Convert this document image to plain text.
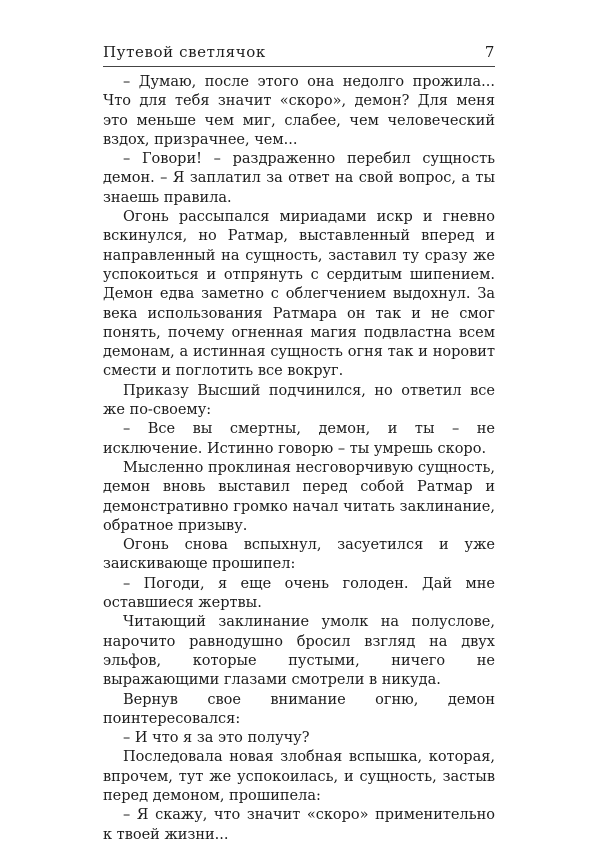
Путевой светлячок	7

– Думаю, после этого она недолго прожила... Что для тебя значит «скоро», демон? Для меня это меньше чем миг, слабее, чем человеческий вздох, призрачнее, чем...

– Говори! – раздраженно перебил сущность демон. – Я заплатил за ответ на свой вопрос, а ты знаешь правила.

Огонь рассыпался мириадами искр и гневно вскинулся, но Ратмар, выставленный вперед и направленный на сущность, заставил ту сразу же успокоиться и отпрянуть с сердитым шипением. Демон едва заметно с облегчением выдохнул. За века использования Ратмара он так и не смог понять, почему огненная магия подвластна всем демонам, а истинная сущность огня так и норовит смести и поглотить все вокруг.

Приказу Высший подчинился, но ответил все же по-своему:

– Все вы смертны, демон, и ты – не исключение. Истинно говорю – ты умрешь скоро.

Мысленно проклиная несговорчивую сущность, демон вновь выставил перед собой Ратмар и демонстративно громко начал читать заклинание, обратное призыву.

Огонь снова вспыхнул, засуетился и уже заискивающе прошипел:

– Погоди, я еще очень голоден. Дай мне оставшиеся жертвы.

Читающий заклинание умолк на полуслове, нарочито равнодушно бросил взгляд на двух эльфов, которые пустыми, ничего не выражающими глазами смотрели в никуда.

Вернув свое внимание огню, демон поинтересовался:

– И что я за это получу?

Последовала новая злобная вспышка, которая, впрочем, тут же успокоилась, и сущность, застыв перед демоном, прошипела:

– Я скажу, что значит «скоро» применительно к твоей жизни...
